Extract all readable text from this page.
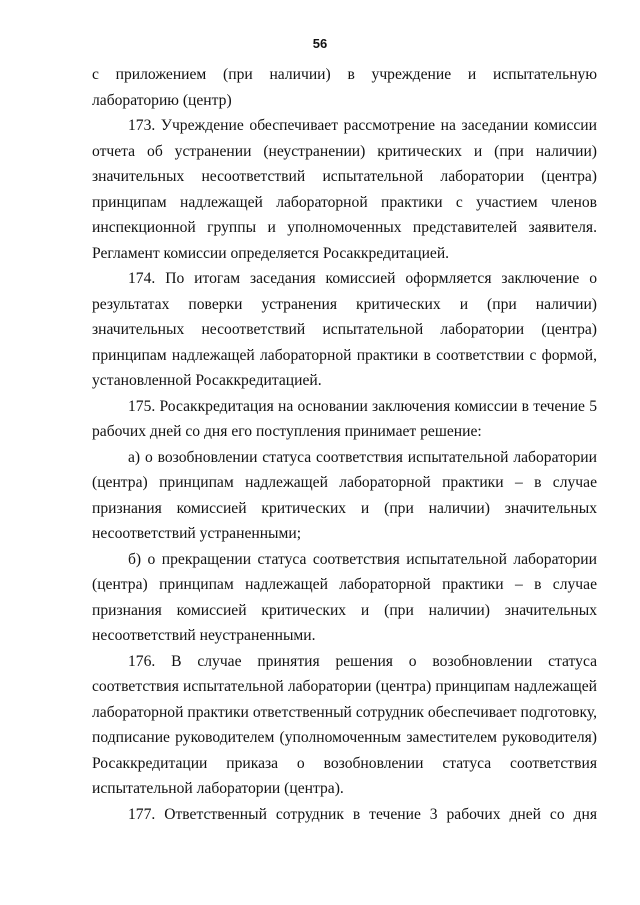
56

с приложением (при наличии) в учреждение и испытательную лабораторию (центр)

173. Учреждение обеспечивает рассмотрение на заседании комиссии отчета об устранении (неустранении) критических и (при наличии) значительных несоответствий испытательной лаборатории (центра) принципам надлежащей лабораторной практики с участием членов инспекционной группы и уполномоченных представителей заявителя. Регламент комиссии определяется Росаккредитацией.

174. По итогам заседания комиссией оформляется заключение о результатах поверки устранения критических и (при наличии) значительных несоответствий испытательной лаборатории (центра) принципам надлежащей лабораторной практики в соответствии с формой, установленной Росаккредитацией.

175. Росаккредитация на основании заключения комиссии в течение 5 рабочих дней со дня его поступления принимает решение:

а) о возобновлении статуса соответствия испытательной лаборатории (центра) принципам надлежащей лабораторной практики – в случае признания комиссией критических и (при наличии) значительных несоответствий устраненными;

б) о прекращении статуса соответствия испытательной лаборатории (центра) принципам надлежащей лабораторной практики – в случае признания комиссией критических и (при наличии) значительных несоответствий неустраненными.

176. В случае принятия решения о возобновлении статуса соответствия испытательной лаборатории (центра) принципам надлежащей лабораторной практики ответственный сотрудник обеспечивает подготовку, подписание руководителем (уполномоченным заместителем руководителя) Росаккредитации приказа о возобновлении статуса соответствия испытательной лаборатории (центра).

177. Ответственный сотрудник в течение 3 рабочих дней со дня
